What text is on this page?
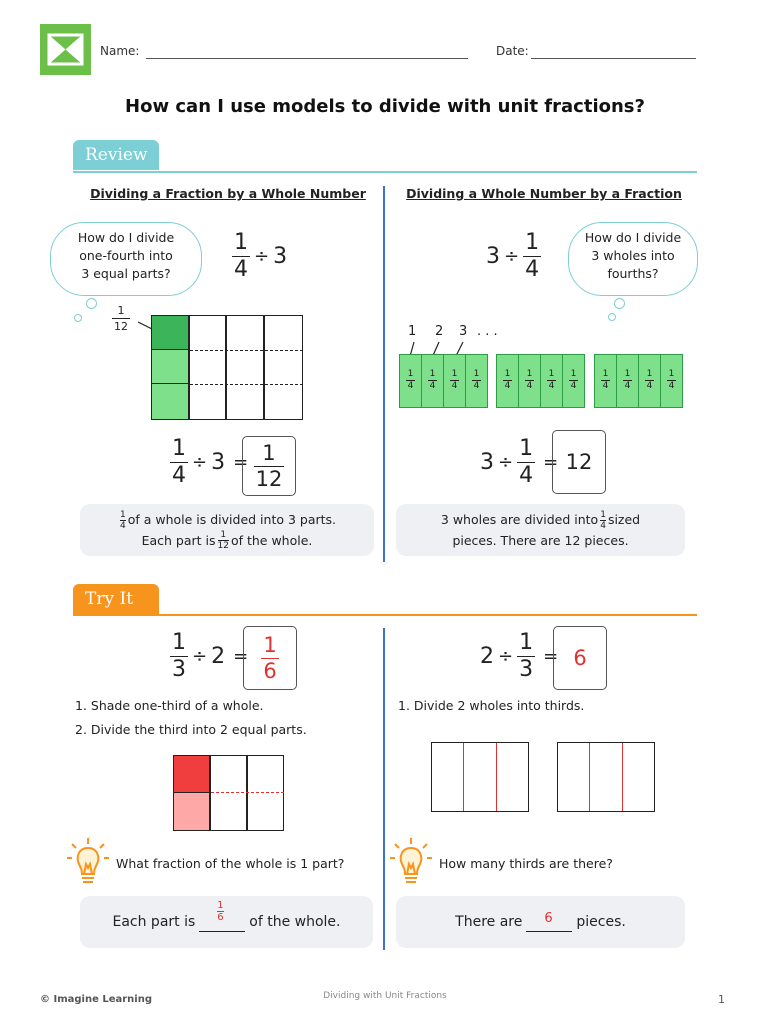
Name:	Date:
How can I use models to divide with unit fractions?
Review
Dividing a Fraction by a Whole Number
How do I divide
one-fourth into
3 equal parts?	$\frac{1}{4} \div 3$
$\frac{1}{12}$
$\frac{1}{4} \div 3 = \frac{1}{12}$
$\frac{1}{4}$ of a whole is divided into 3 parts.
Each part is $\frac{1}{12}$ of the whole.
Dividing a Whole Number by a Fraction
$3 \div \frac{1}{4}$	How do I divide
3 wholes into
fourths?
1 2 3 . . .
$\frac{1}{4} \frac{1}{4} \frac{1}{4} \frac{1}{4} \frac{1}{4} \frac{1}{4} \frac{1}{4} \frac{1}{4} \frac{1}{4} \frac{1}{4} \frac{1}{4} \frac{1}{4}$
$3 \div \frac{1}{4} = 12$
3 wholes are divided into $\frac{1}{4}$ sized
pieces. There are 12 pieces.
Try It
$\frac{1}{3} \div 2 = \frac{1}{6}$
1. Shade one-third of a whole.
2. Divide the third into 2 equal parts.
What fraction of the whole is 1 part?
Each part is
1
6 of the whole.
$2 \div \frac{1}{3} = 6$
1. Divide 2 wholes into thirds.
How many thirds are there?
There are 6 pieces.
© Imagine Learning	Dividing with Unit Fractions	1
